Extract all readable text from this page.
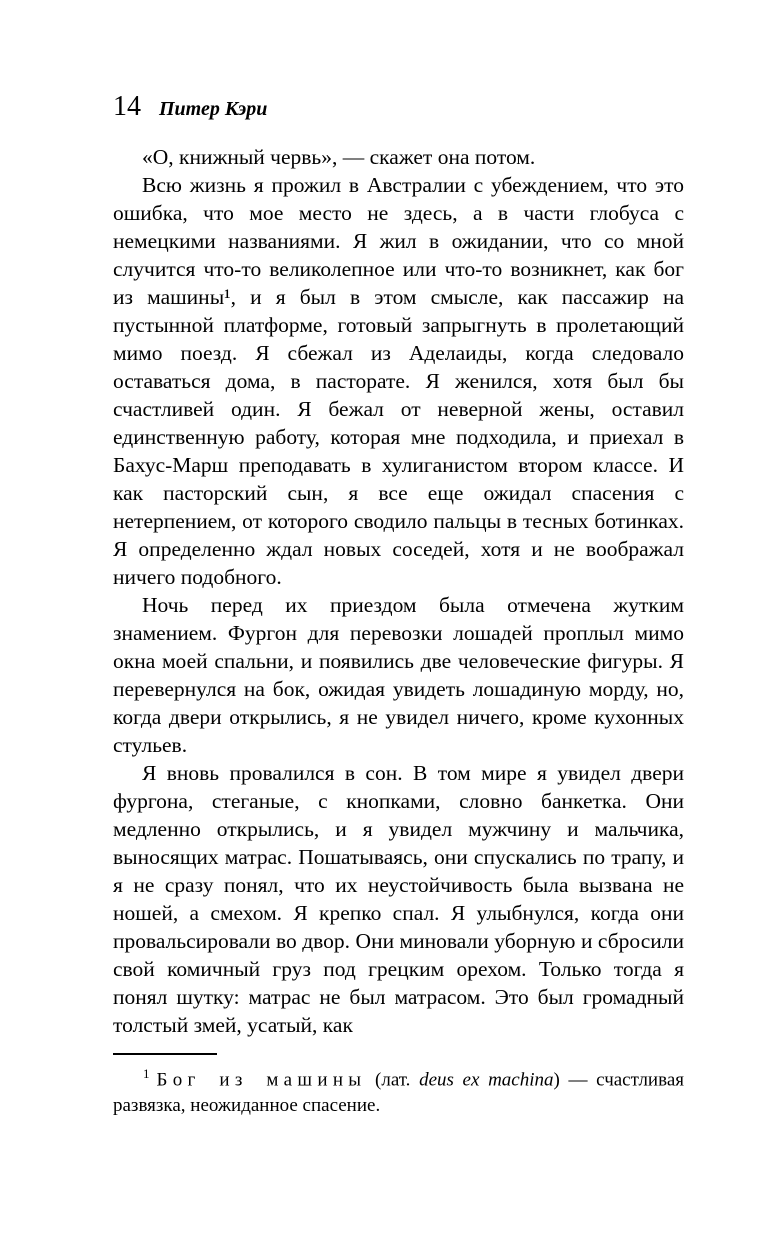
14 Питер Кэри

«О, книжный червь», — скажет она потом.

Всю жизнь я прожил в Австралии с убеждением, что это ошибка, что мое место не здесь, а в части глобуса с немецкими названиями. Я жил в ожидании, что со мной случится что-то великолепное или что-то возникнет, как бог из машины¹, и я был в этом смысле, как пассажир на пустынной платформе, готовый запрыгнуть в пролетающий мимо поезд. Я сбежал из Аделаиды, когда следовало оставаться дома, в пасторате. Я женился, хотя был бы счастливей один. Я бежал от неверной жены, оставил единственную работу, которая мне подходила, и приехал в Бахус-Марш преподавать в хулиганистом втором классе. И как пасторский сын, я все еще ожидал спасения с нетерпением, от которого сводило пальцы в тесных ботинках. Я определенно ждал новых соседей, хотя и не воображал ничего подобного.

Ночь перед их приездом была отмечена жутким знамением. Фургон для перевозки лошадей проплыл мимо окна моей спальни, и появились две человеческие фигуры. Я перевернулся на бок, ожидая увидеть лошадиную морду, но, когда двери открылись, я не увидел ничего, кроме кухонных стульев.

Я вновь провалился в сон. В том мире я увидел двери фургона, стеганые, с кнопками, словно банкетка. Они медленно открылись, и я увидел мужчину и мальчика, выносящих матрас. Пошатываясь, они спускались по трапу, и я не сразу понял, что их неустойчивость была вызвана не ношей, а смехом. Я крепко спал. Я улыбнулся, когда они провальсировали во двор. Они миновали уборную и сбросили свой комичный груз под грецким орехом. Только тогда я понял шутку: матрас не был матрасом. Это был громадный толстый змей, усатый, как

$^1$ Бог из машины (лат. deus ex machina) — счастливая развязка, неожиданное спасение.
